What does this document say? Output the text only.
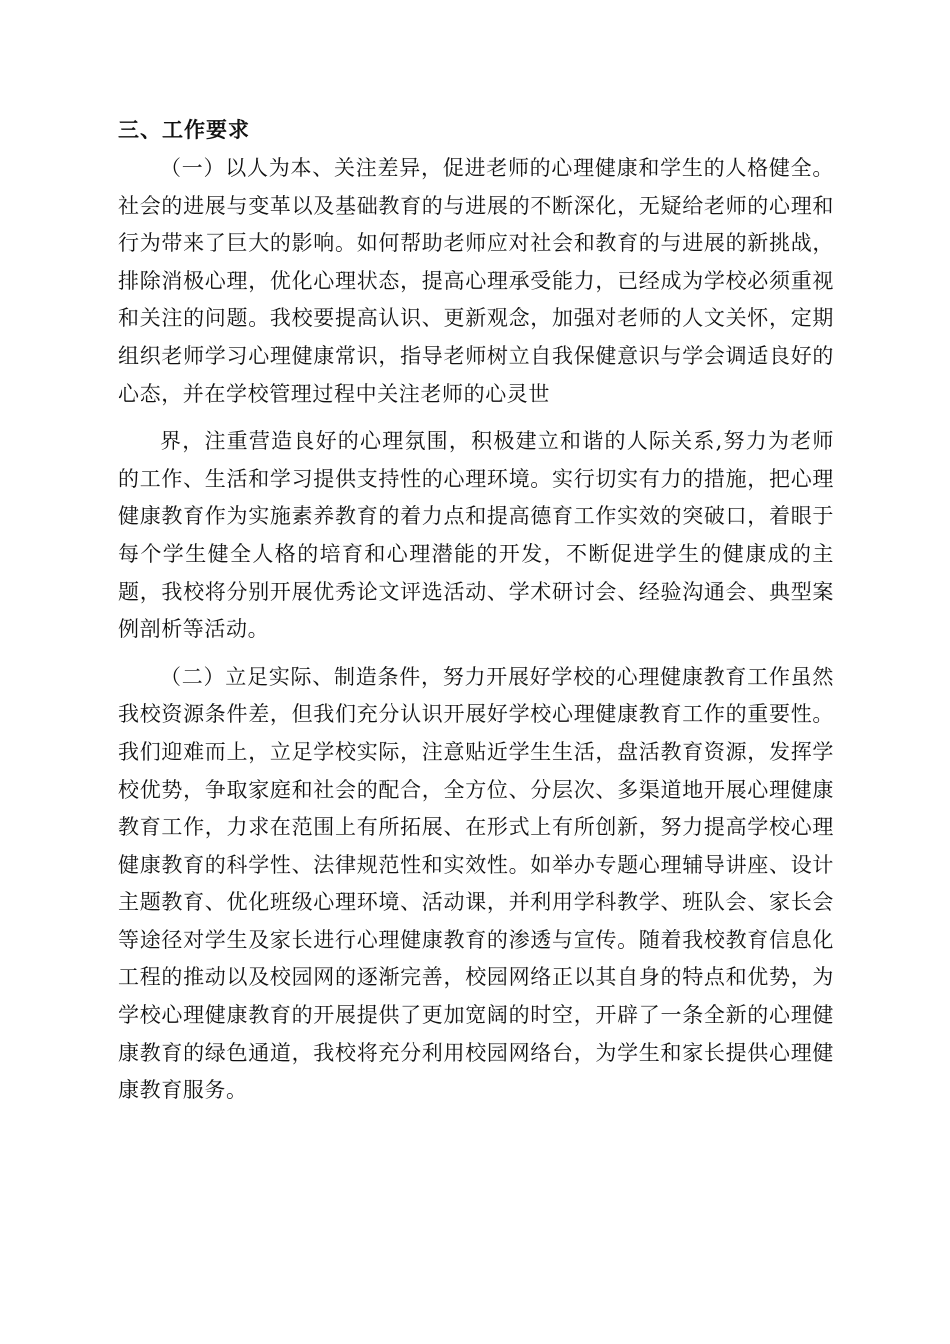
三、工作要求

（一）以人为本、关注差异，促进老师的心理健康和学生的人格健全。社会的进展与变革以及基础教育的与进展的不断深化，无疑给老师的心理和行为带来了巨大的影响。如何帮助老师应对社会和教育的与进展的新挑战，排除消极心理，优化心理状态，提高心理承受能力，已经成为学校必须重视和关注的问题。我校要提高认识、更新观念，加强对老师的人文关怀，定期组织老师学习心理健康常识，指导老师树立自我保健意识与学会调适良好的心态，并在学校管理过程中关注老师的心灵世

界，注重营造良好的心理氛围，积极建立和谐的人际关系,努力为老师的工作、生活和学习提供支持性的心理环境。实行切实有力的措施，把心理健康教育作为实施素养教育的着力点和提高德育工作实效的突破口，着眼于每个学生健全人格的培育和心理潜能的开发，不断促进学生的健康成的主题，我校将分别开展优秀论文评选活动、学术研讨会、经验沟通会、典型案例剖析等活动。

（二）立足实际、制造条件，努力开展好学校的心理健康教育工作虽然我校资源条件差，但我们充分认识开展好学校心理健康教育工作的重要性。我们迎难而上，立足学校实际，注意贴近学生生活，盘活教育资源，发挥学校优势，争取家庭和社会的配合，全方位、分层次、多渠道地开展心理健康教育工作，力求在范围上有所拓展、在形式上有所创新，努力提高学校心理健康教育的科学性、法律规范性和实效性。如举办专题心理辅导讲座、设计主题教育、优化班级心理环境、活动课，并利用学科教学、班队会、家长会等途径对学生及家长进行心理健康教育的渗透与宣传。随着我校教育信息化工程的推动以及校园网的逐渐完善，校园网络正以其自身的特点和优势，为学校心理健康教育的开展提供了更加宽阔的时空，开辟了一条全新的心理健康教育的绿色通道，我校将充分利用校园网络台，为学生和家长提供心理健康教育服务。
